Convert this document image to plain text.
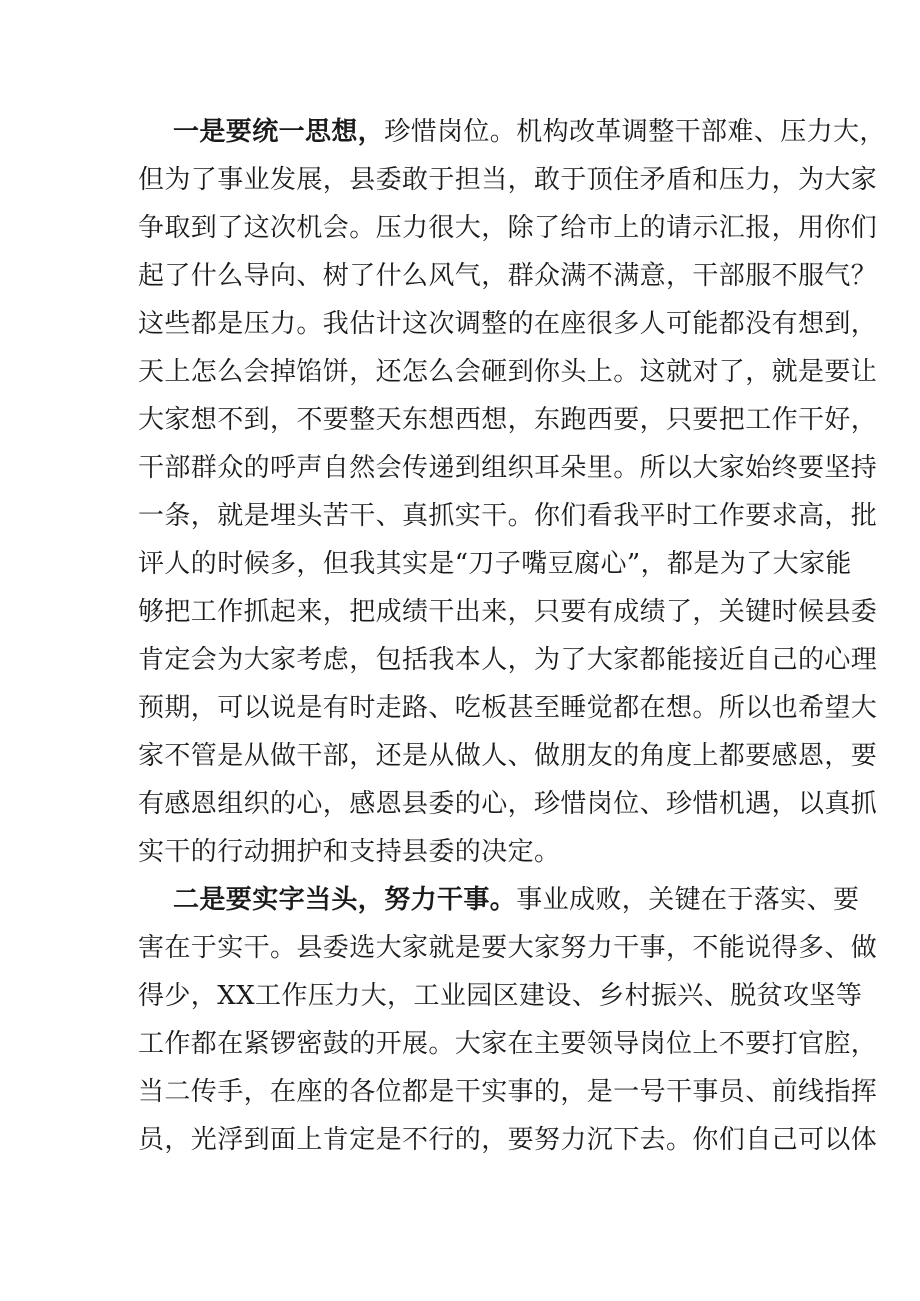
一是要统一思想，珍惜岗位。机构改革调整干部难、压力大，
但为了事业发展，县委敢于担当，敢于顶住矛盾和压力，为大家
争取到了这次机会。压力很大，除了给市上的请示汇报，用你们
起了什么导向、树了什么风气，群众满不满意，干部服不服气？
这些都是压力。我估计这次调整的在座很多人可能都没有想到，
天上怎么会掉馅饼，还怎么会砸到你头上。这就对了，就是要让
大家想不到，不要整天东想西想，东跑西要，只要把工作干好，
干部群众的呼声自然会传递到组织耳朵里。所以大家始终要坚持
一条，就是埋头苦干、真抓实干。你们看我平时工作要求高，批
评人的时候多，但我其实是“刀子嘴豆腐心”，都是为了大家能
够把工作抓起来，把成绩干出来，只要有成绩了，关键时候县委
肯定会为大家考虑，包括我本人，为了大家都能接近自己的心理
预期，可以说是有时走路、吃板甚至睡觉都在想。所以也希望大
家不管是从做干部，还是从做人、做朋友的角度上都要感恩，要
有感恩组织的心，感恩县委的心，珍惜岗位、珍惜机遇，以真抓
实干的行动拥护和支持县委的决定。
二是要实字当头，努力干事。事业成败，关键在于落实、要
害在于实干。县委选大家就是要大家努力干事，不能说得多、做
得少，XX工作压力大，工业园区建设、乡村振兴、脱贫攻坚等
工作都在紧锣密鼓的开展。大家在主要领导岗位上不要打官腔，
当二传手，在座的各位都是干实事的，是一号干事员、前线指挥
员，光浮到面上肯定是不行的，要努力沉下去。你们自己可以体
